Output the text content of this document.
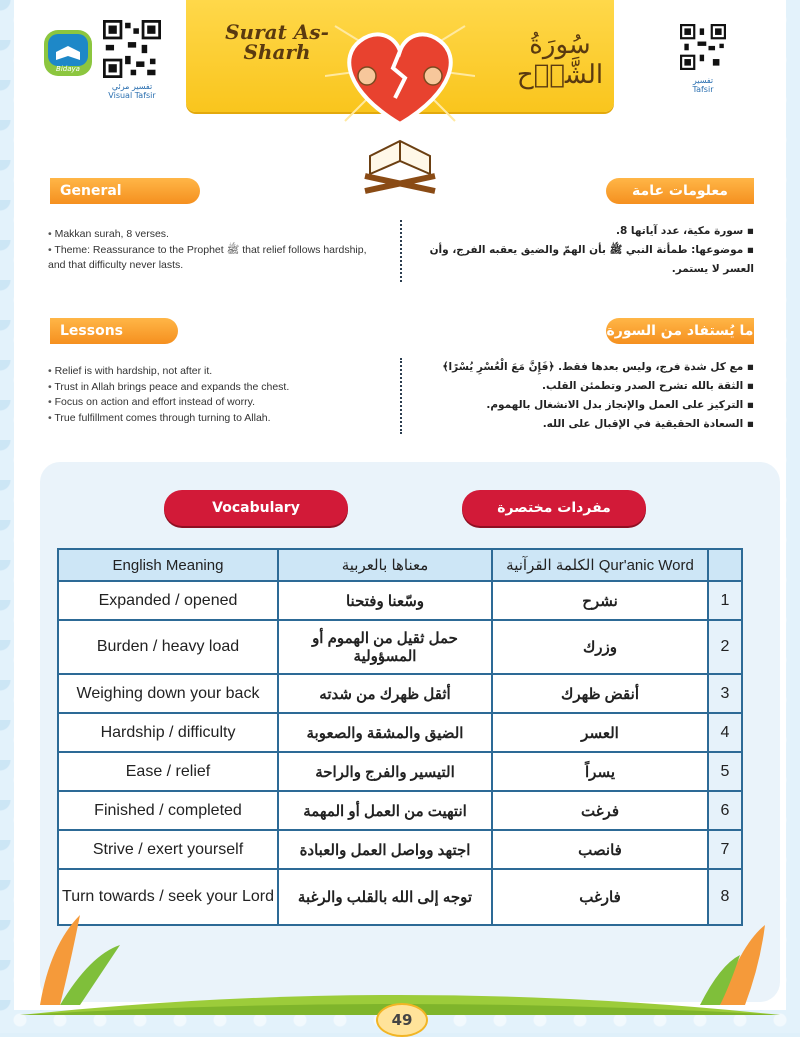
Surat As-Sharh	سُورَةُ الشَّرۡح
Bidaya
تفسير مرئي
Visual Tafsir
تفسير
Tafsir
General Information
معلومات عامة
• Makkan surah, 8 verses.
• Theme: Reassurance to the Prophet ﷺ that relief follows hardship, and that difficulty never lasts.
▪ سورة مكية، عدد آياتها 8.
▪ موضوعها: طمأنة النبي ﷺ بأن الهمّ والضيق يعقبه الفرج، وأن العسر لا يستمر.
Lessons Learned
ما يُستفاد من السورة
• Relief is with hardship, not after it.
• Trust in Allah brings peace and expands the chest.
• Focus on action and effort instead of worry.
• True fulfillment comes through turning to Allah.
▪ مع كل شدة فرج، وليس بعدها فقط. ﴿فَإِنَّ مَعَ الْعُسْرِ يُسْرًا﴾
▪ الثقة بالله تشرح الصدر وتطمئن القلب.
▪ التركيز على العمل والإنجاز بدل الانشغال بالهموم.
▪ السعادة الحقيقية في الإقبال على الله.
Vocabulary	مفردات مختصرة
English Meaning	معناها بالعربية	الكلمة القرآنية Qur'anic Word	
Expanded / opened	وسّعنا وفتحنا	نشرح	1
Burden / heavy load	حمل ثقيل من الهموم أو المسؤولية	وزرك	2
Weighing down your back	أثقل ظهرك من شدته	أنقض ظهرك	3
Hardship / difficulty	الضيق والمشقة والصعوبة	العسر	4
Ease / relief	التيسير والفرج والراحة	يسراً	5
Finished / completed	انتهيت من العمل أو المهمة	فرغت	6
Strive / exert yourself	اجتهد وواصل العمل والعبادة	فانصب	7
Turn towards / seek your Lord	توجه إلى الله بالقلب والرغبة	فارغب	8
49
